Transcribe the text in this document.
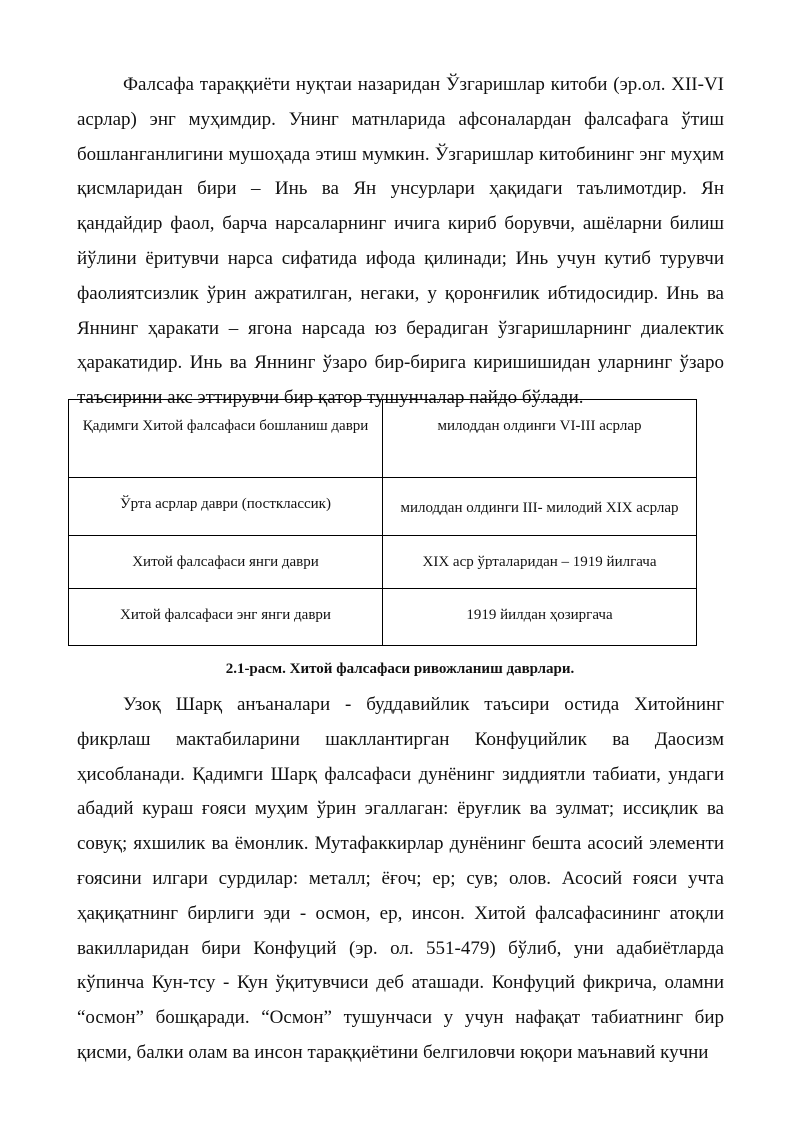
Фалсафа тараққиёти нуқтаи назаридан Ўзгаришлар китоби (эр.ол. XII-VI асрлар) энг муҳимдир. Унинг матнларида афсоналардан фалсафага ўтиш бошланганлигини мушоҳада этиш мумкин. Ўзгаришлар китобининг энг муҳим қисмларидан бири – Инь ва Ян унсурлари ҳақидаги таълимотдир. Ян қандайдир фаол, барча нарсаларнинг ичига кириб борувчи, ашёларни билиш йўлини ёритувчи нарса сифатида ифода қилинади; Инь учун кутиб турувчи фаолиятсизлик ўрин ажратилган, негаки, у қоронғилик ибтидосидир. Инь ва Яннинг ҳаракати – ягона нарсада юз берадиган ўзгаришларнинг диалектик ҳаракатидир. Инь ва Яннинг ўзаро бир-бирига киришишидан уларнинг ўзаро таъсирини акс эттирувчи бир қатор тушунчалар пайдо бўлади.

Қадимги Хитой фалсафаси бошланиш даври	милоддан олдинги VI-III асрлар
Ўрта асрлар даври (постклассик)	милоддан олдинги III- милодий XIX асрлар
Хитой фалсафаси янги даври	XIX аср ўрталаридан – 1919 йилгача
Хитой фалсафаси энг янги даври	1919 йилдан ҳозиргача
2.1-расм. Хитой фалсафаси ривожланиш даврлари.

Узоқ Шарқ анъаналари - буддавийлик таъсири остида Хитойнинг фикрлаш мактабиларини шакллантирган Конфуцийлик ва Даосизм ҳисобланади. Қадимги Шарқ фалсафаси дунёнинг зиддиятли табиати, ундаги абадий кураш ғояси муҳим ўрин эгаллаган: ёруғлик ва зулмат; иссиқлик ва совуқ; яхшилик ва ёмонлик. Мутафаккирлар дунёнинг бешта асосий элементи ғоясини илгари сурдилар: металл; ёғоч; ер; сув; олов. Асосий ғояси учта ҳақиқатнинг бирлиги эди - осмон, ер, инсон. Хитой фалсафасининг атоқли вакилларидан бири Конфуций (эр. ол. 551-479) бўлиб, уни адабиётларда кўпинча Кун-тсу - Кун ўқитувчиси деб аташади. Конфуций фикрича, оламни “осмон” бошқаради. “Осмон” тушунчаси у учун нафақат табиатнинг бир қисми, балки олам ва инсон тараққиётини белгиловчи юқори маънавий кучни
